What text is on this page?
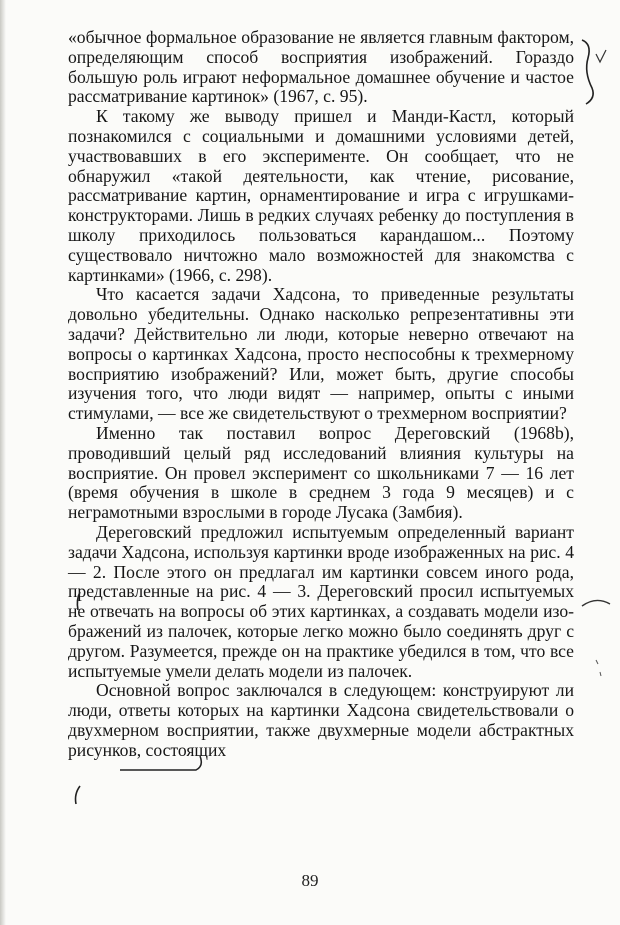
«обычное формальное образование не является главным фактором, определяющим способ восприятия изображений. Гораздо большую роль играют неформальное домашнее обучение и частое рассматривание картинок» (1967, с. 95).

К такому же выводу пришел и Манди-Кастл, который познакомился с социальными и домашними условиями детей, участвовавших в его эксперименте. Он сообщает, что не обнаружил «такой деятельности, как чтение, рисование, рассматривание картин, орнаментирование и игра с игрушками-конструкторами. Лишь в редких случаях ребенку до поступления в школу приходилось пользоваться карандашом... Поэтому существовало ничтожно мало возможностей для знакомства с картинками» (1966, с. 298).

Что касается задачи Хадсона, то приведенные результаты довольно убедительны. Однако насколько репрезентативны эти задачи? Действительно ли люди, которые неверно отвечают на вопросы о картинках Хадсона, просто неспособны к трехмерному восприятию изображений? Или, может быть, другие способы изучения того, что люди видят — например, опыты с иными стимулами, — все же свидетельствуют о трехмерном восприятии?

Именно так поставил вопрос Дереговский (1968b), проводивший целый ряд исследований влияния культуры на восприятие. Он провел эксперимент со школьниками 7 — 16 лет (время обучения в школе в среднем 3 года 9 месяцев) и с неграмотными взрослыми в городе Лусака (Замбия).

Дереговский предложил испытуемым определенный вариант задачи Хадсона, используя картинки вроде изображенных на рис. 4 — 2. После этого он предлагал им картинки совсем иного рода, представленные на рис. 4 — 3. Дереговский просил испытуемых не отвечать на вопросы об этих картинках, а создавать модели изображений из палочек, которые легко можно было соединять друг с другом. Разумеется, прежде он на практике убедился в том, что все испытуемые умели делать модели из палочек.

Основной вопрос заключался в следующем: конструируют ли люди, ответы которых на картинки Хадсона свидетельствовали о двухмерном восприятии, также двухмерные модели абстрактных рисунков, состоящих

89
